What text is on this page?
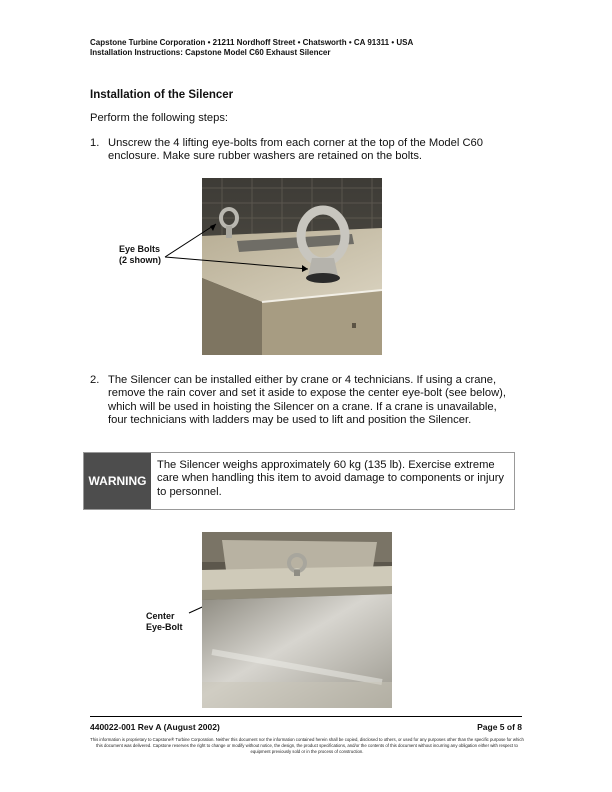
Capstone Turbine Corporation • 21211 Nordhoff Street • Chatsworth • CA 91311 • USA
Installation Instructions: Capstone Model C60 Exhaust Silencer
Installation of the Silencer
Perform the following steps:
1. Unscrew the 4 lifting eye-bolts from each corner at the top of the Model C60 enclosure. Make sure rubber washers are retained on the bolts.
Eye Bolts
(2 shown)
2. The Silencer can be installed either by crane or 4 technicians. If using a crane, remove the rain cover and set it aside to expose the center eye-bolt (see below), which will be used in hoisting the Silencer on a crane. If a crane is unavailable, four technicians with ladders may be used to lift and position the Silencer.
WARNING
The Silencer weighs approximately 60 kg (135 lb). Exercise extreme care when handling this item to avoid damage to components or injury to personnel.
Center
Eye-Bolt
440022-001 Rev A (August 2002)	Page 5 of 8
This information is proprietary to Capstone® Turbine Corporation. Neither this document nor the information contained herein shall be copied, disclosed to others, or used for any purposes other than the specific purpose for which this document was delivered. Capstone reserves the right to change or modify without notice, the design, the product specifications, and/or the contents of this document without incurring any obligation either with respect to equipment previously sold or in the process of construction.
